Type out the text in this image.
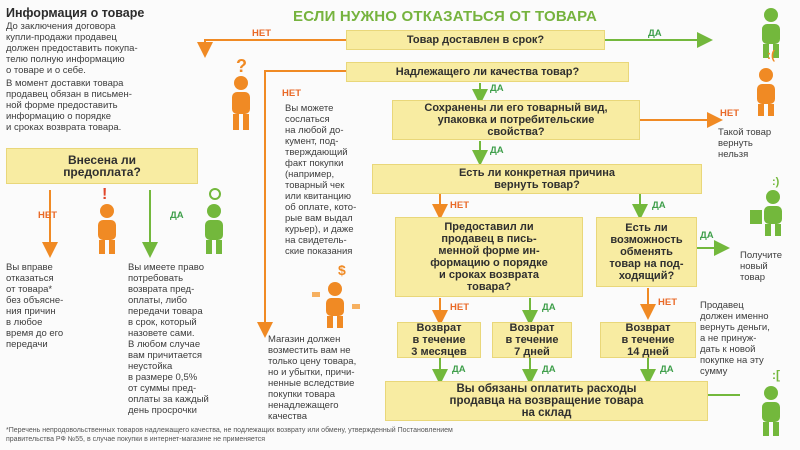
ЕСЛИ НУЖНО ОТКАЗАТЬСЯ ОТ ТОВАРА
Информация о товаре
До заключения договора
купли-продажи продавец
должен предоставить покупа-
телю полную информацию
о товаре и о себе.
В момент доставки товара
продавец обязан в письмен-
ной форме предоставить
информацию о порядке
и сроках возврата товара.
Внесена ли
предоплата?
НЕТ	ДА
Вы вправе
отказаться
от товара*
без объясне-
ния причин
в любое
время до его
передачи
Вы имеете право
потребовать
возврата пред-
оплаты, либо
передачи товара
в срок, который
назовете сами.
В любом случае
вам причитается
неустойка
в размере 0,5%
от суммы пред-
оплаты за каждый
день просрочки
НЕТ
Вы можете
сослаться
на любой до-
кумент, под-
тверждающий
факт покупки
(например,
товарный чек
или квитанцию
об оплате, кото-
рые вам выдал
курьер), и даже
на свидетель-
ские показания
Магазин должен
возместить вам не
только цену товара,
но и убытки, причи-
ненные вследствие
покупки товара
ненадлежащего
качества
Товар доставлен в срок?
НЕТ	ДА
Надлежащего ли качества товар?
ДА
Сохранены ли его товарный вид,
упаковка и потребительские
свойства?
НЕТ
ДА
Есть ли конкретная причина
вернуть товар?
НЕТ	ДА
Предоставил ли
продавец в пись-
менной форме ин-
формацию о порядке
и сроках возврата
товара?
Есть ли
возможность
обменять
товар на под-
ходящий?
ДА
НЕТ
НЕТ	ДА
Возврат
в течение
3 месяцев
Возврат
в течение
7 дней
Возврат
в течение
14 дней
ДА	ДА	ДА
Вы обязаны оплатить расходы
продавца на возвращение товара
на склад
Такой товар
вернуть
нельзя
Получите
новый
товар
Продавец
должен именно
вернуть деньги,
а не принуж-
дать к новой
покупке на эту
сумму
*Перечень непродовольственных товаров надлежащего качества, не подлежащих возврату или обмену, утвержденный Постановлением
правительства РФ №55, в случае покупки в интернет-магазине не применяется
?
:(
!
$
:)
:[
